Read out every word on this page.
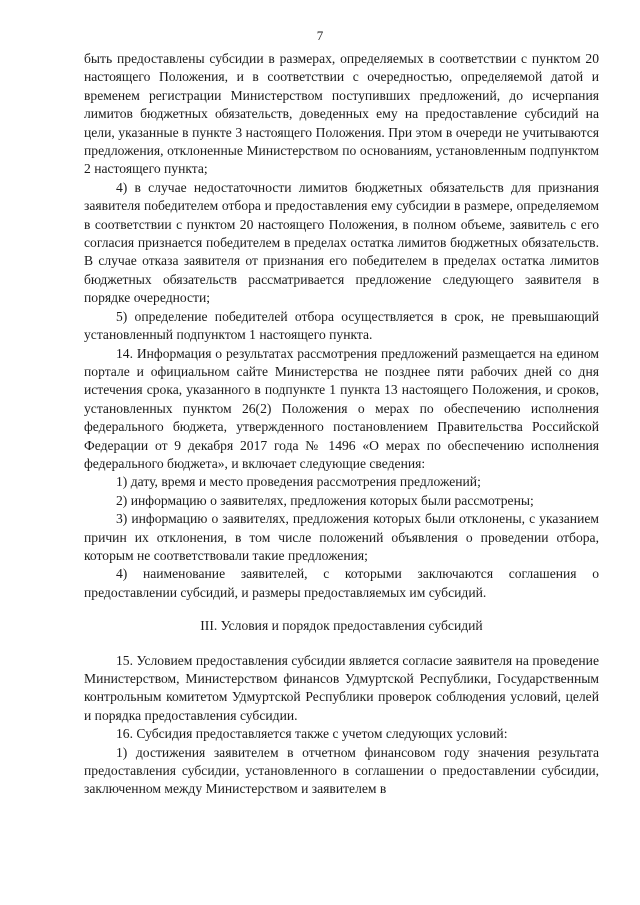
7

быть предоставлены субсидии в размерах, определяемых в соответствии с пунктом 20 настоящего Положения, и в соответствии с очередностью, определяемой датой и временем регистрации Министерством поступивших предложений, до исчерпания лимитов бюджетных обязательств, доведенных ему на предоставление субсидий на цели, указанные в пункте 3 настоящего Положения. При этом в очереди не учитываются предложения, отклоненные Министерством по основаниям, установленным подпунктом 2 настоящего пункта;

4) в случае недостаточности лимитов бюджетных обязательств для признания заявителя победителем отбора и предоставления ему субсидии в размере, определяемом в соответствии с пунктом 20 настоящего Положения, в полном объеме, заявитель с его согласия признается победителем в пределах остатка лимитов бюджетных обязательств. В случае отказа заявителя от признания его победителем в пределах остатка лимитов бюджетных обязательств рассматривается предложение следующего заявителя в порядке очередности;

5) определение победителей отбора осуществляется в срок, не превышающий установленный подпунктом 1 настоящего пункта.

14. Информация о результатах рассмотрения предложений размещается на едином портале и официальном сайте Министерства не позднее пяти рабочих дней со дня истечения срока, указанного в подпункте 1 пункта 13 настоящего Положения, и сроков, установленных пунктом 26(2) Положения о мерах по обеспечению исполнения федерального бюджета, утвержденного постановлением Правительства Российской Федерации от 9 декабря 2017 года № 1496 «О мерах по обеспечению исполнения федерального бюджета», и включает следующие сведения:

1) дату, время и место проведения рассмотрения предложений;

2) информацию о заявителях, предложения которых были рассмотрены;

3) информацию о заявителях, предложения которых были отклонены, с указанием причин их отклонения, в том числе положений объявления о проведении отбора, которым не соответствовали такие предложения;

4) наименование заявителей, с которыми заключаются соглашения о предоставлении субсидий, и размеры предоставляемых им субсидий.

III. Условия и порядок предоставления субсидий

15. Условием предоставления субсидии является согласие заявителя на проведение Министерством, Министерством финансов Удмуртской Республики, Государственным контрольным комитетом Удмуртской Республики проверок соблюдения условий, целей и порядка предоставления субсидии.

16. Субсидия предоставляется также с учетом следующих условий:

1) достижения заявителем в отчетном финансовом году значения результата предоставления субсидии, установленного в соглашении о предоставлении субсидии, заключенном между Министерством и заявителем в
